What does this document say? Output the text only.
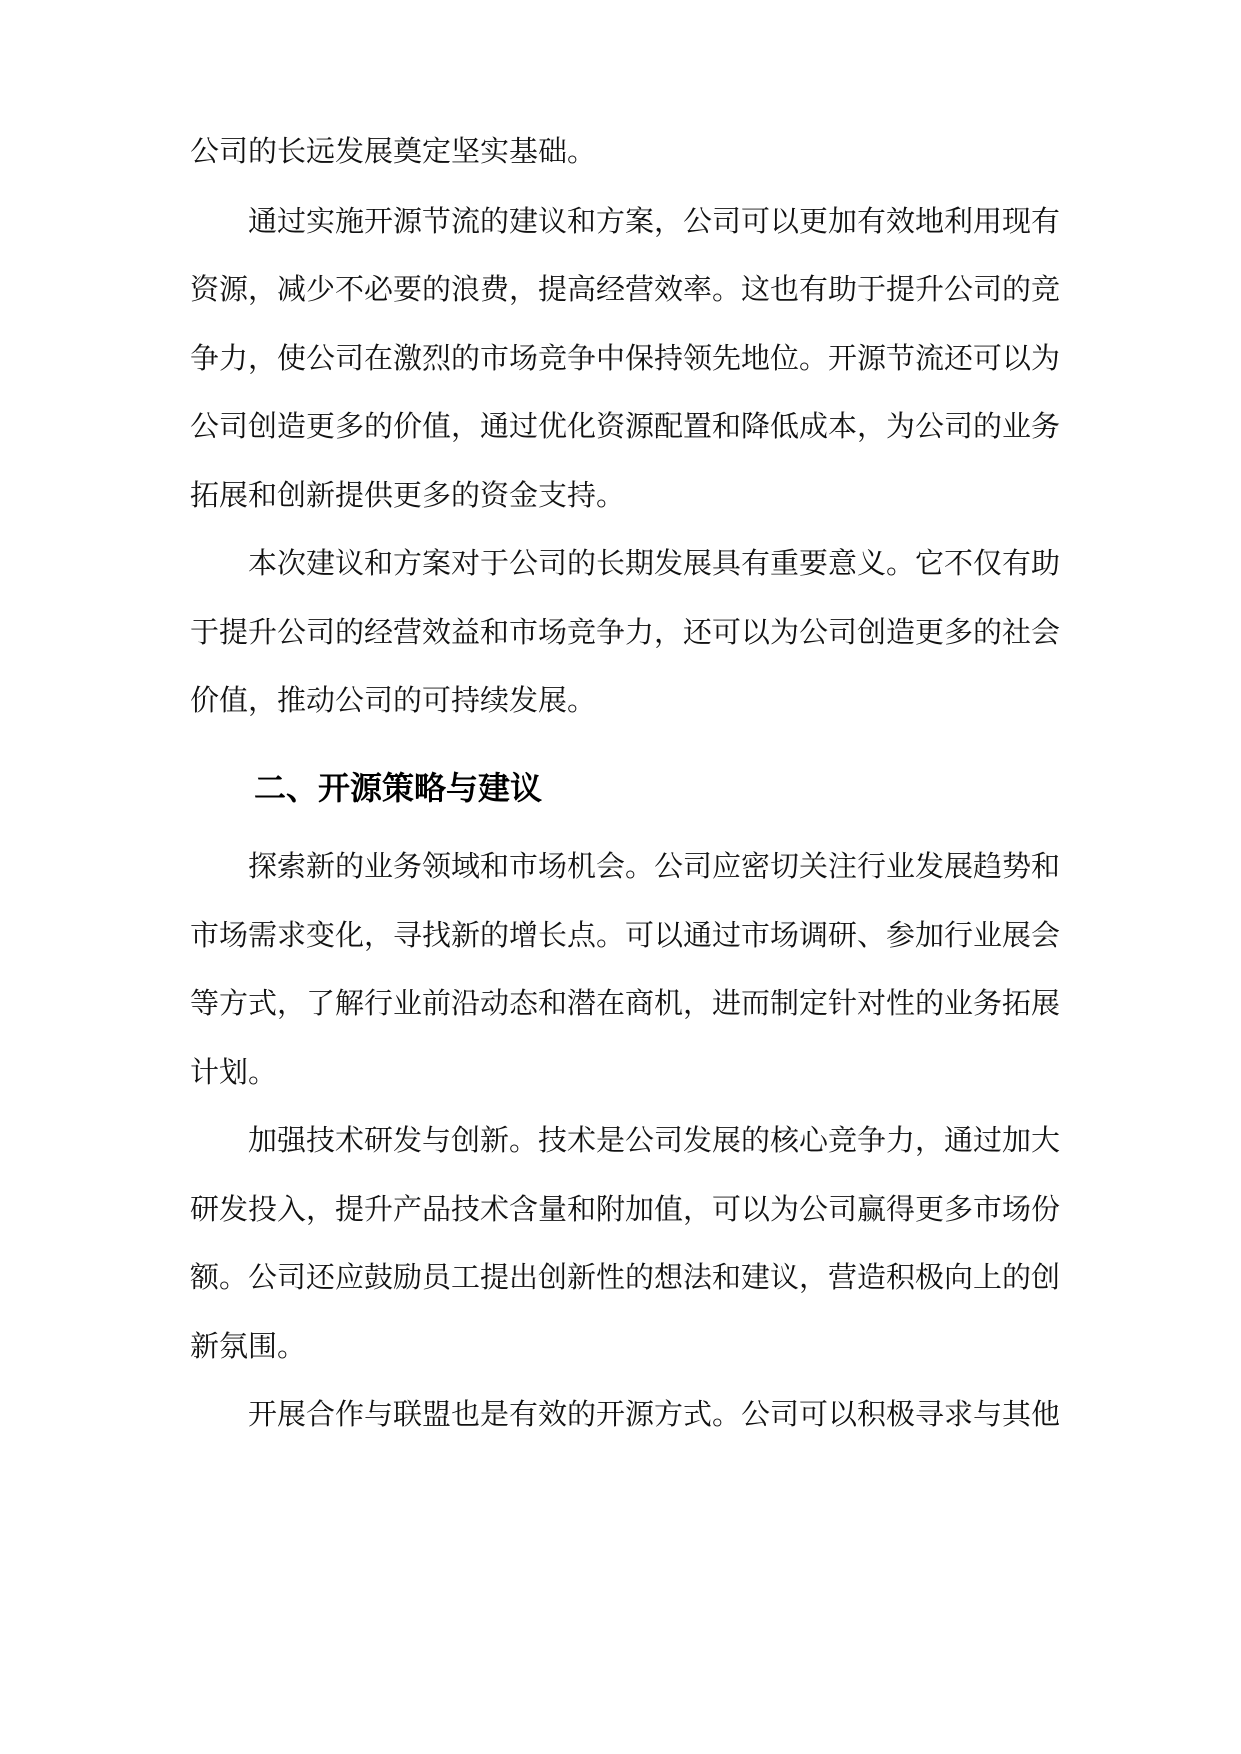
公司的长远发展奠定坚实基础。
通过实施开源节流的建议和方案，公司可以更加有效地利用现有
资源，减少不必要的浪费，提高经营效率。这也有助于提升公司的竞
争力，使公司在激烈的市场竞争中保持领先地位。开源节流还可以为
公司创造更多的价值，通过优化资源配置和降低成本，为公司的业务
拓展和创新提供更多的资金支持。
本次建议和方案对于公司的长期发展具有重要意义。它不仅有助
于提升公司的经营效益和市场竞争力，还可以为公司创造更多的社会
价值，推动公司的可持续发展。
二、开源策略与建议
探索新的业务领域和市场机会。公司应密切关注行业发展趋势和
市场需求变化，寻找新的增长点。可以通过市场调研、参加行业展会
等方式，了解行业前沿动态和潜在商机，进而制定针对性的业务拓展
计划。
加强技术研发与创新。技术是公司发展的核心竞争力，通过加大
研发投入，提升产品技术含量和附加值，可以为公司赢得更多市场份
额。公司还应鼓励员工提出创新性的想法和建议，营造积极向上的创
新氛围。
开展合作与联盟也是有效的开源方式。公司可以积极寻求与其他
